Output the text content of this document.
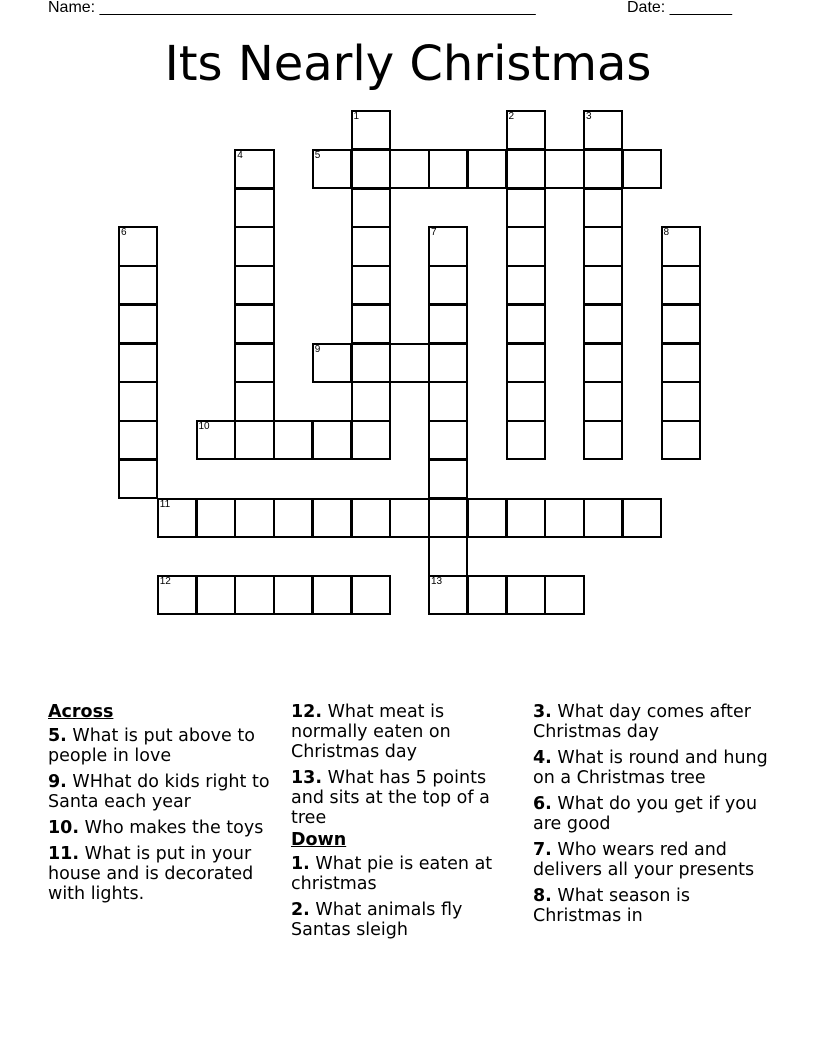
Name: _________________________________________________	Date: _______
Its Nearly Christmas
1	2	3
4	5
6	7	8
9
10
11
12	13
Across
5. What is put above to people in love
9. WHhat do kids right to Santa each year
10. Who makes the toys
11. What is put in your house and is decorated with lights.
12. What meat is normally eaten on Christmas day
13. What has 5 points and sits at the top of a tree
Down
1. What pie is eaten at christmas
2. What animals fly Santas sleigh
3. What day comes after Christmas day
4. What is round and hung on a Christmas tree
6. What do you get if you are good
7. Who wears red and delivers all your presents
8. What season is Christmas in
